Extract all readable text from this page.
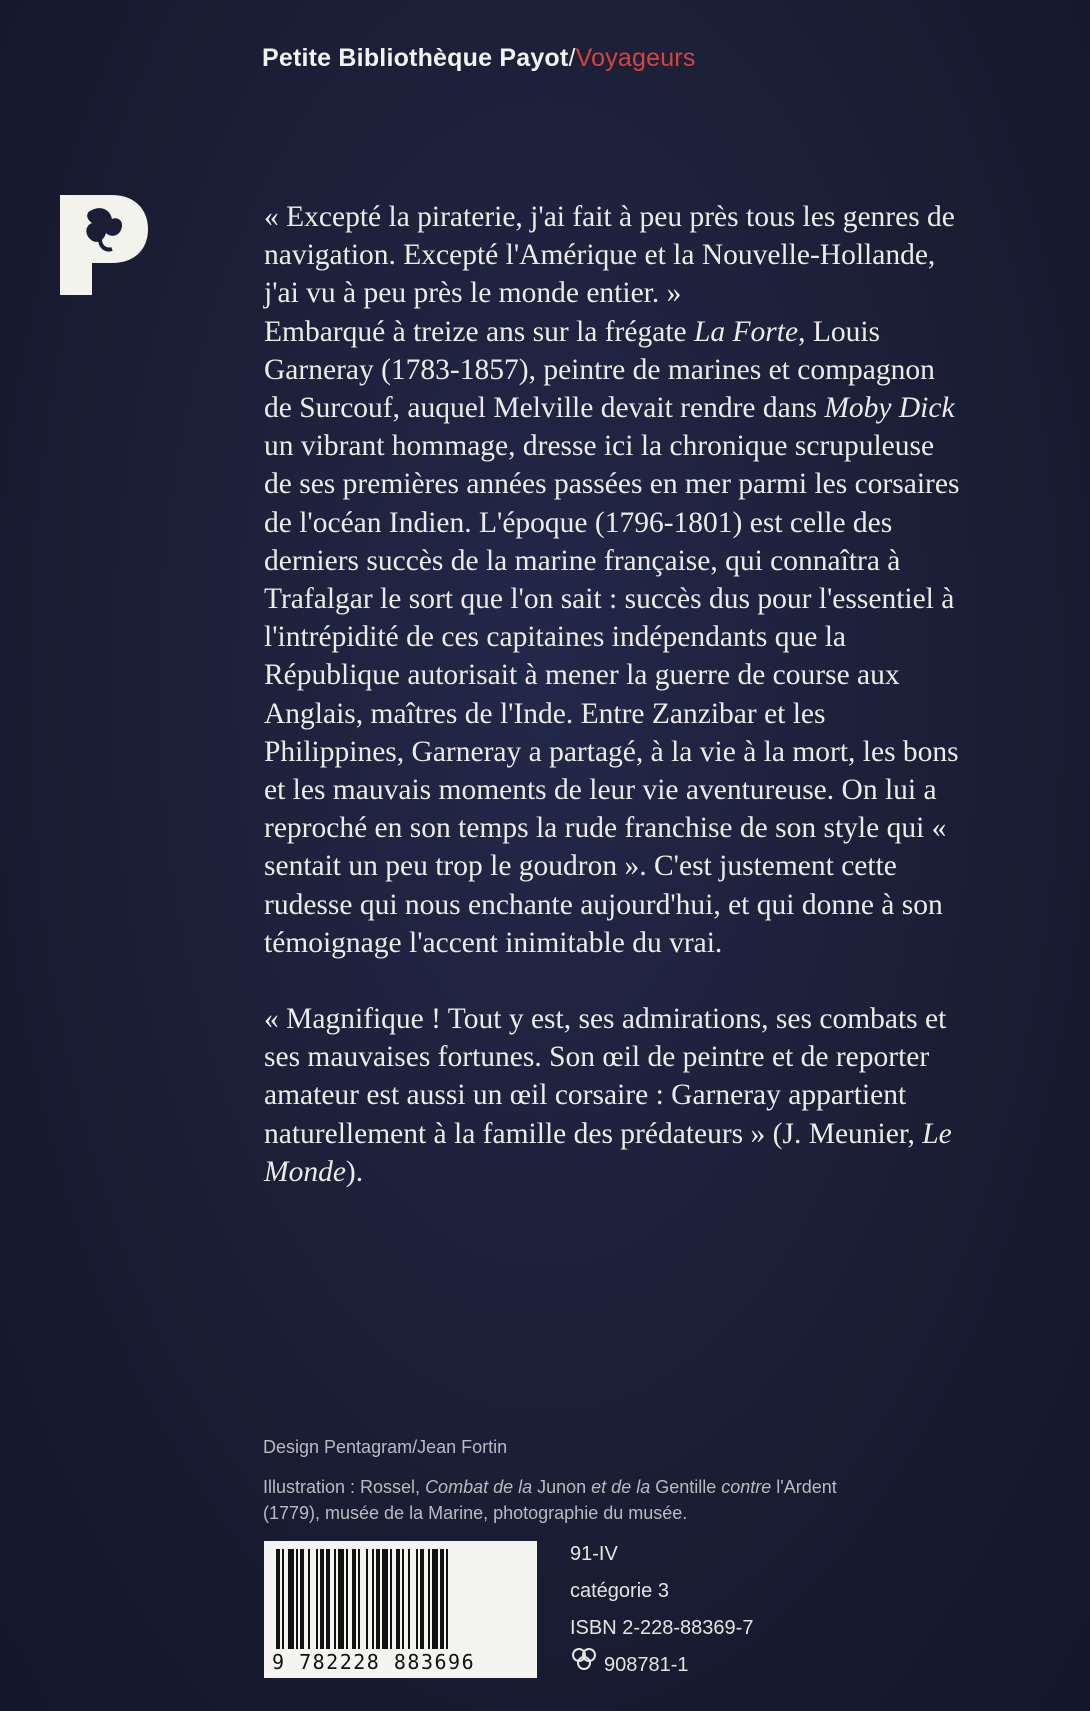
Petite Bibliothèque Payot/Voyageurs

« Excepté la piraterie, j'ai fait à peu près tous les genres de navigation. Excepté l'Amérique et la Nouvelle-Hollande, j'ai vu à peu près le monde entier. »

Embarqué à treize ans sur la frégate La Forte, Louis Garneray (1783-1857), peintre de marines et compagnon de Surcouf, auquel Melville devait rendre dans Moby Dick un vibrant hommage, dresse ici la chronique scrupuleuse de ses premières années passées en mer parmi les corsaires de l'océan Indien. L'époque (1796-1801) est celle des derniers succès de la marine française, qui connaîtra à Trafalgar le sort que l'on sait : succès dus pour l'essentiel à l'intrépidité de ces capitaines indépendants que la République autorisait à mener la guerre de course aux Anglais, maîtres de l'Inde. Entre Zanzibar et les Philippines, Garneray a partagé, à la vie à la mort, les bons et les mauvais moments de leur vie aventureuse. On lui a reproché en son temps la rude franchise de son style qui « sentait un peu trop le goudron ». C'est justement cette rudesse qui nous enchante aujourd'hui, et qui donne à son témoignage l'accent inimitable du vrai.

« Magnifique ! Tout y est, ses admirations, ses combats et ses mauvaises fortunes. Son œil de peintre et de reporter amateur est aussi un œil corsaire : Garneray appartient naturellement à la famille des prédateurs » (J. Meunier, Le Monde).

Design Pentagram/Jean Fortin
Illustration : Rossel, Combat de la Junon et de la Gentille contre l'Ardent (1779), musée de la Marine, photographie du musée.
9 782228 883696
91-IV
catégorie 3
ISBN 2-228-88369-7
908781-1
